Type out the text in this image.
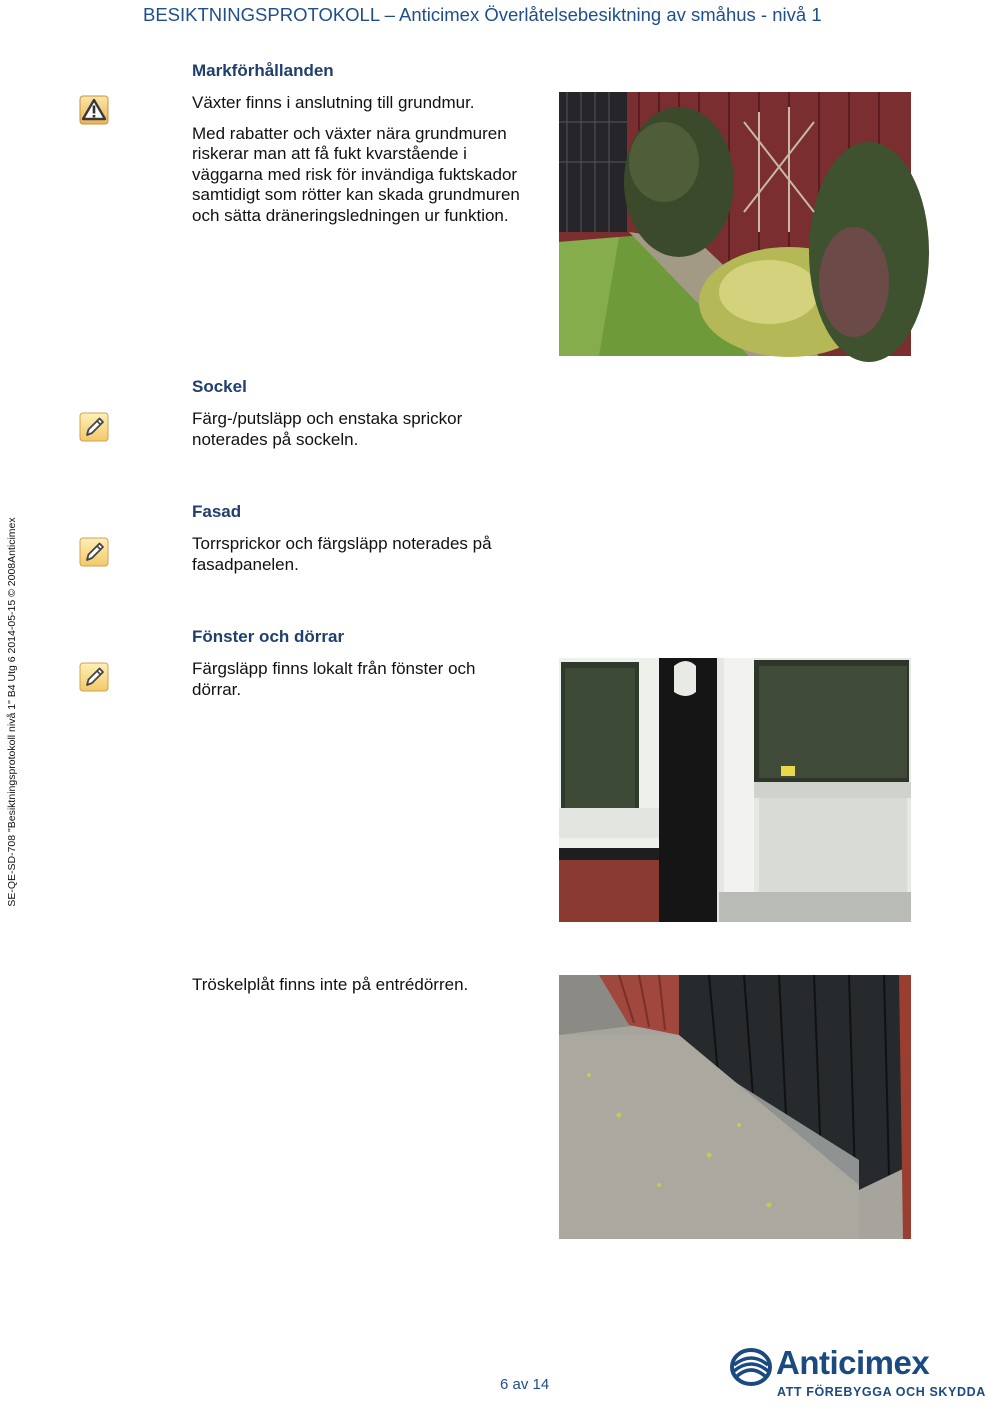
BESIKTNINGSPROTOKOLL – Anticimex Överlåtelsebesiktning av småhus - nivå 1
SE-QE-SD-708 "Besiktningsprotokoll nivå 1" B4 Utg 6 2014-05-15 © 2008Anticimex
Markförhållanden
Växter finns i anslutning till grundmur.
Med rabatter och växter nära grundmuren
riskerar man att få fukt kvarstående i
väggarna med risk för invändiga fuktskador
samtidigt som rötter kan skada grundmuren
och sätta dräneringsledningen ur funktion.
Sockel
Färg-/putsläpp och enstaka sprickor
noterades på sockeln.
Fasad
Torrsprickor och färgsläpp noterades på
fasadpanelen.
Fönster och dörrar
Färgsläpp finns lokalt från fönster och
dörrar.
Tröskelplåt finns inte på entrédörren.
6 av 14
Anticimex
ATT FÖREBYGGA OCH SKYDDA
